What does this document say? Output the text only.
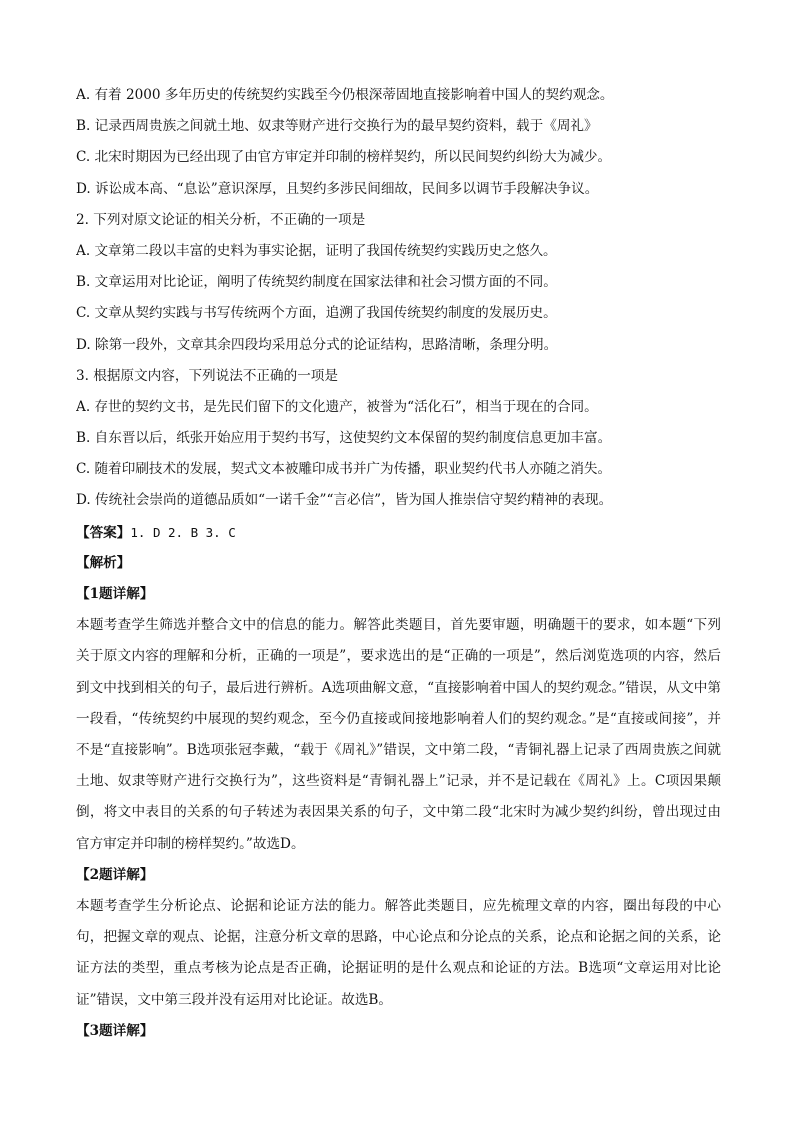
A. 有着 2000 多年历史的传统契约实践至今仍根深蒂固地直接影响着中国人的契约观念。
B. 记录西周贵族之间就土地、奴隶等财产进行交换行为的最早契约资料，载于《周礼》
C. 北宋时期因为已经出现了由官方审定并印制的榜样契约，所以民间契约纠纷大为减少。
D. 诉讼成本高、“息讼”意识深厚，且契约多涉民间细故，民间多以调节手段解决争议。
2. 下列对原文论证的相关分析，不正确的一项是
A. 文章第二段以丰富的史料为事实论据，证明了我国传统契约实践历史之悠久。
B. 文章运用对比论证，阐明了传统契约制度在国家法律和社会习惯方面的不同。
C. 文章从契约实践与书写传统两个方面，追溯了我国传统契约制度的发展历史。
D. 除第一段外，文章其余四段均采用总分式的论证结构，思路清晰，条理分明。
3. 根据原文内容，下列说法不正确的一项是
A. 存世的契约文书，是先民们留下的文化遗产，被誉为“活化石”，相当于现在的合同。
B. 自东晋以后，纸张开始应用于契约书写，这使契约文本保留的契约制度信息更加丰富。
C. 随着印刷技术的发展，契式文本被雕印成书并广为传播，职业契约代书人亦随之消失。
D. 传统社会崇尚的道德品质如“一诺千金”“言必信”，皆为国人推崇信守契约精神的表现。
【答案】1. D 2. B 3. C
【解析】
【1题详解】
本题考查学生筛选并整合文中的信息的能力。解答此类题目，首先要审题，明确题干的要求，如本题“下列关于原文内容的理解和分析，正确的一项是”，要求选出的是“正确的一项是”，然后浏览选项的内容，然后到文中找到相关的句子，最后进行辨析。A选项曲解文意，“直接影响着中国人的契约观念。”错误，从文中第一段看，“传统契约中展现的契约观念，至今仍直接或间接地影响着人们的契约观念。”是“直接或间接”，并不是“直接影响”。B选项张冠李戴，“载于《周礼》”错误，文中第二段，“青铜礼器上记录了西周贵族之间就土地、奴隶等财产进行交换行为”，这些资料是“青铜礼器上”记录，并不是记载在《周礼》上。C项因果颠倒，将文中表目的关系的句子转述为表因果关系的句子，文中第二段“北宋时为减少契约纠纷，曾出现过由官方审定并印制的榜样契约。”故选D。
【2题详解】
本题考查学生分析论点、论据和论证方法的能力。解答此类题目，应先梳理文章的内容，圈出每段的中心句，把握文章的观点、论据，注意分析文章的思路，中心论点和分论点的关系，论点和论据之间的关系，论证方法的类型，重点考核为论点是否正确，论据证明的是什么观点和论证的方法。B选项“文章运用对比论证”错误，文中第三段并没有运用对比论证。故选B。
【3题详解】
